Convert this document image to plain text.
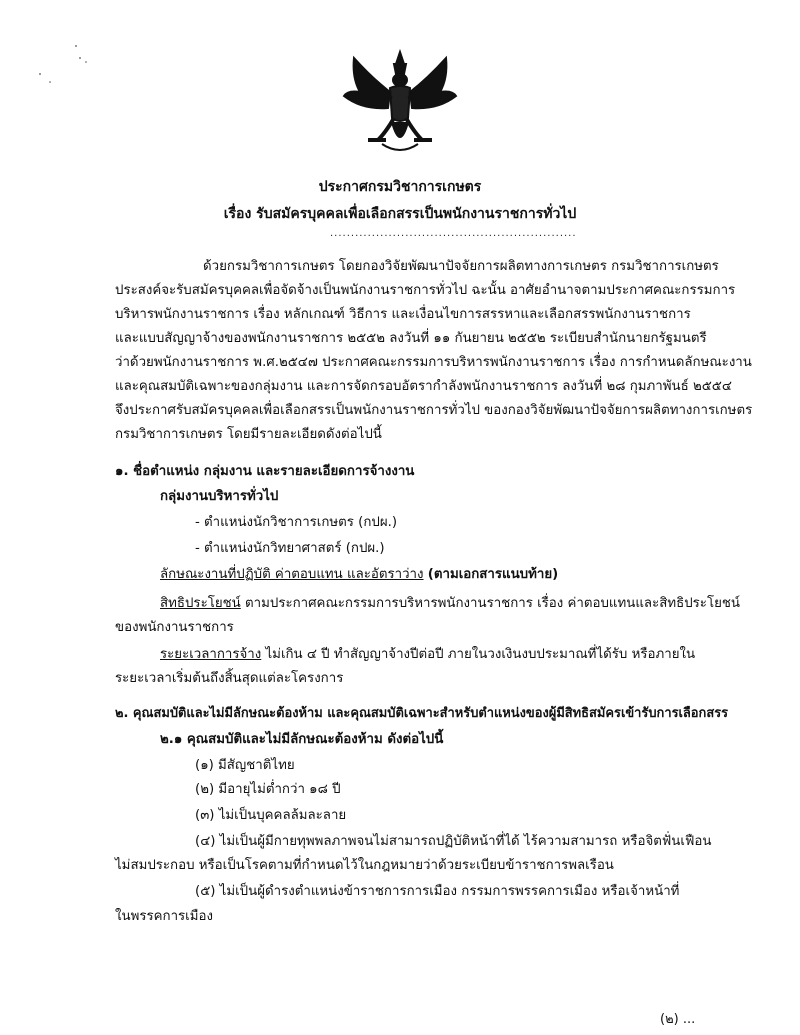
ประกาศกรมวิชาการเกษตร
เรื่อง รับสมัครบุคคลเพื่อเลือกสรรเป็นพนักงานราชการทั่วไป
...........................................................
ด้วยกรมวิชาการเกษตร โดยกองวิจัยพัฒนาปัจจัยการผลิตทางการเกษตร กรมวิชาการเกษตร
ประสงค์จะรับสมัครบุคคลเพื่อจัดจ้างเป็นพนักงานราชการทั่วไป ฉะนั้น อาศัยอำนาจตามประกาศคณะกรรมการ
บริหารพนักงานราชการ เรื่อง หลักเกณฑ์ วิธีการ และเงื่อนไขการสรรหาและเลือกสรรพนักงานราชการ
และแบบสัญญาจ้างของพนักงานราชการ ๒๕๕๒ ลงวันที่ ๑๑ กันยายน ๒๕๕๒ ระเบียบสำนักนายกรัฐมนตรี
ว่าด้วยพนักงานราชการ พ.ศ.๒๕๔๗ ประกาศคณะกรรมการบริหารพนักงานราชการ เรื่อง การกำหนดลักษณะงาน
และคุณสมบัติเฉพาะของกลุ่มงาน และการจัดกรอบอัตรากำลังพนักงานราชการ ลงวันที่ ๒๘ กุมภาพันธ์ ๒๕๕๔
จึงประกาศรับสมัครบุคคลเพื่อเลือกสรรเป็นพนักงานราชการทั่วไป ของกองวิจัยพัฒนาปัจจัยการผลิตทางการเกษตร
กรมวิชาการเกษตร โดยมีรายละเอียดดังต่อไปนี้
๑. ชื่อตำแหน่ง กลุ่มงาน และรายละเอียดการจ้างงาน
กลุ่มงานบริหารทั่วไป
- ตำแหน่งนักวิชาการเกษตร (กปผ.)
- ตำแหน่งนักวิทยาศาสตร์ (กปผ.)
ลักษณะงานที่ปฏิบัติ ค่าตอบแทน และอัตราว่าง (ตามเอกสารแนบท้าย)
สิทธิประโยชน์ ตามประกาศคณะกรรมการบริหารพนักงานราชการ เรื่อง ค่าตอบแทนและสิทธิประโยชน์
ของพนักงานราชการ
ระยะเวลาการจ้าง ไม่เกิน ๔ ปี ทำสัญญาจ้างปีต่อปี ภายในวงเงินงบประมาณที่ได้รับ หรือภายใน
ระยะเวลาเริ่มต้นถึงสิ้นสุดแต่ละโครงการ
๒. คุณสมบัติและไม่มีลักษณะต้องห้าม และคุณสมบัติเฉพาะสำหรับตำแหน่งของผู้มีสิทธิสมัครเข้ารับการเลือกสรร
๒.๑ คุณสมบัติและไม่มีลักษณะต้องห้าม ดังต่อไปนี้
(๑) มีสัญชาติไทย
(๒) มีอายุไม่ต่ำกว่า ๑๘ ปี
(๓) ไม่เป็นบุคคลล้มละลาย
(๔) ไม่เป็นผู้มีกายทุพพลภาพจนไม่สามารถปฏิบัติหน้าที่ได้ ไร้ความสามารถ หรือจิตฟั่นเฟือน
ไม่สมประกอบ หรือเป็นโรคตามที่กำหนดไว้ในกฎหมายว่าด้วยระเบียบข้าราชการพลเรือน
(๕) ไม่เป็นผู้ดำรงตำแหน่งข้าราชการการเมือง กรรมการพรรคการเมือง หรือเจ้าหน้าที่
ในพรรคการเมือง
(๒) ...
